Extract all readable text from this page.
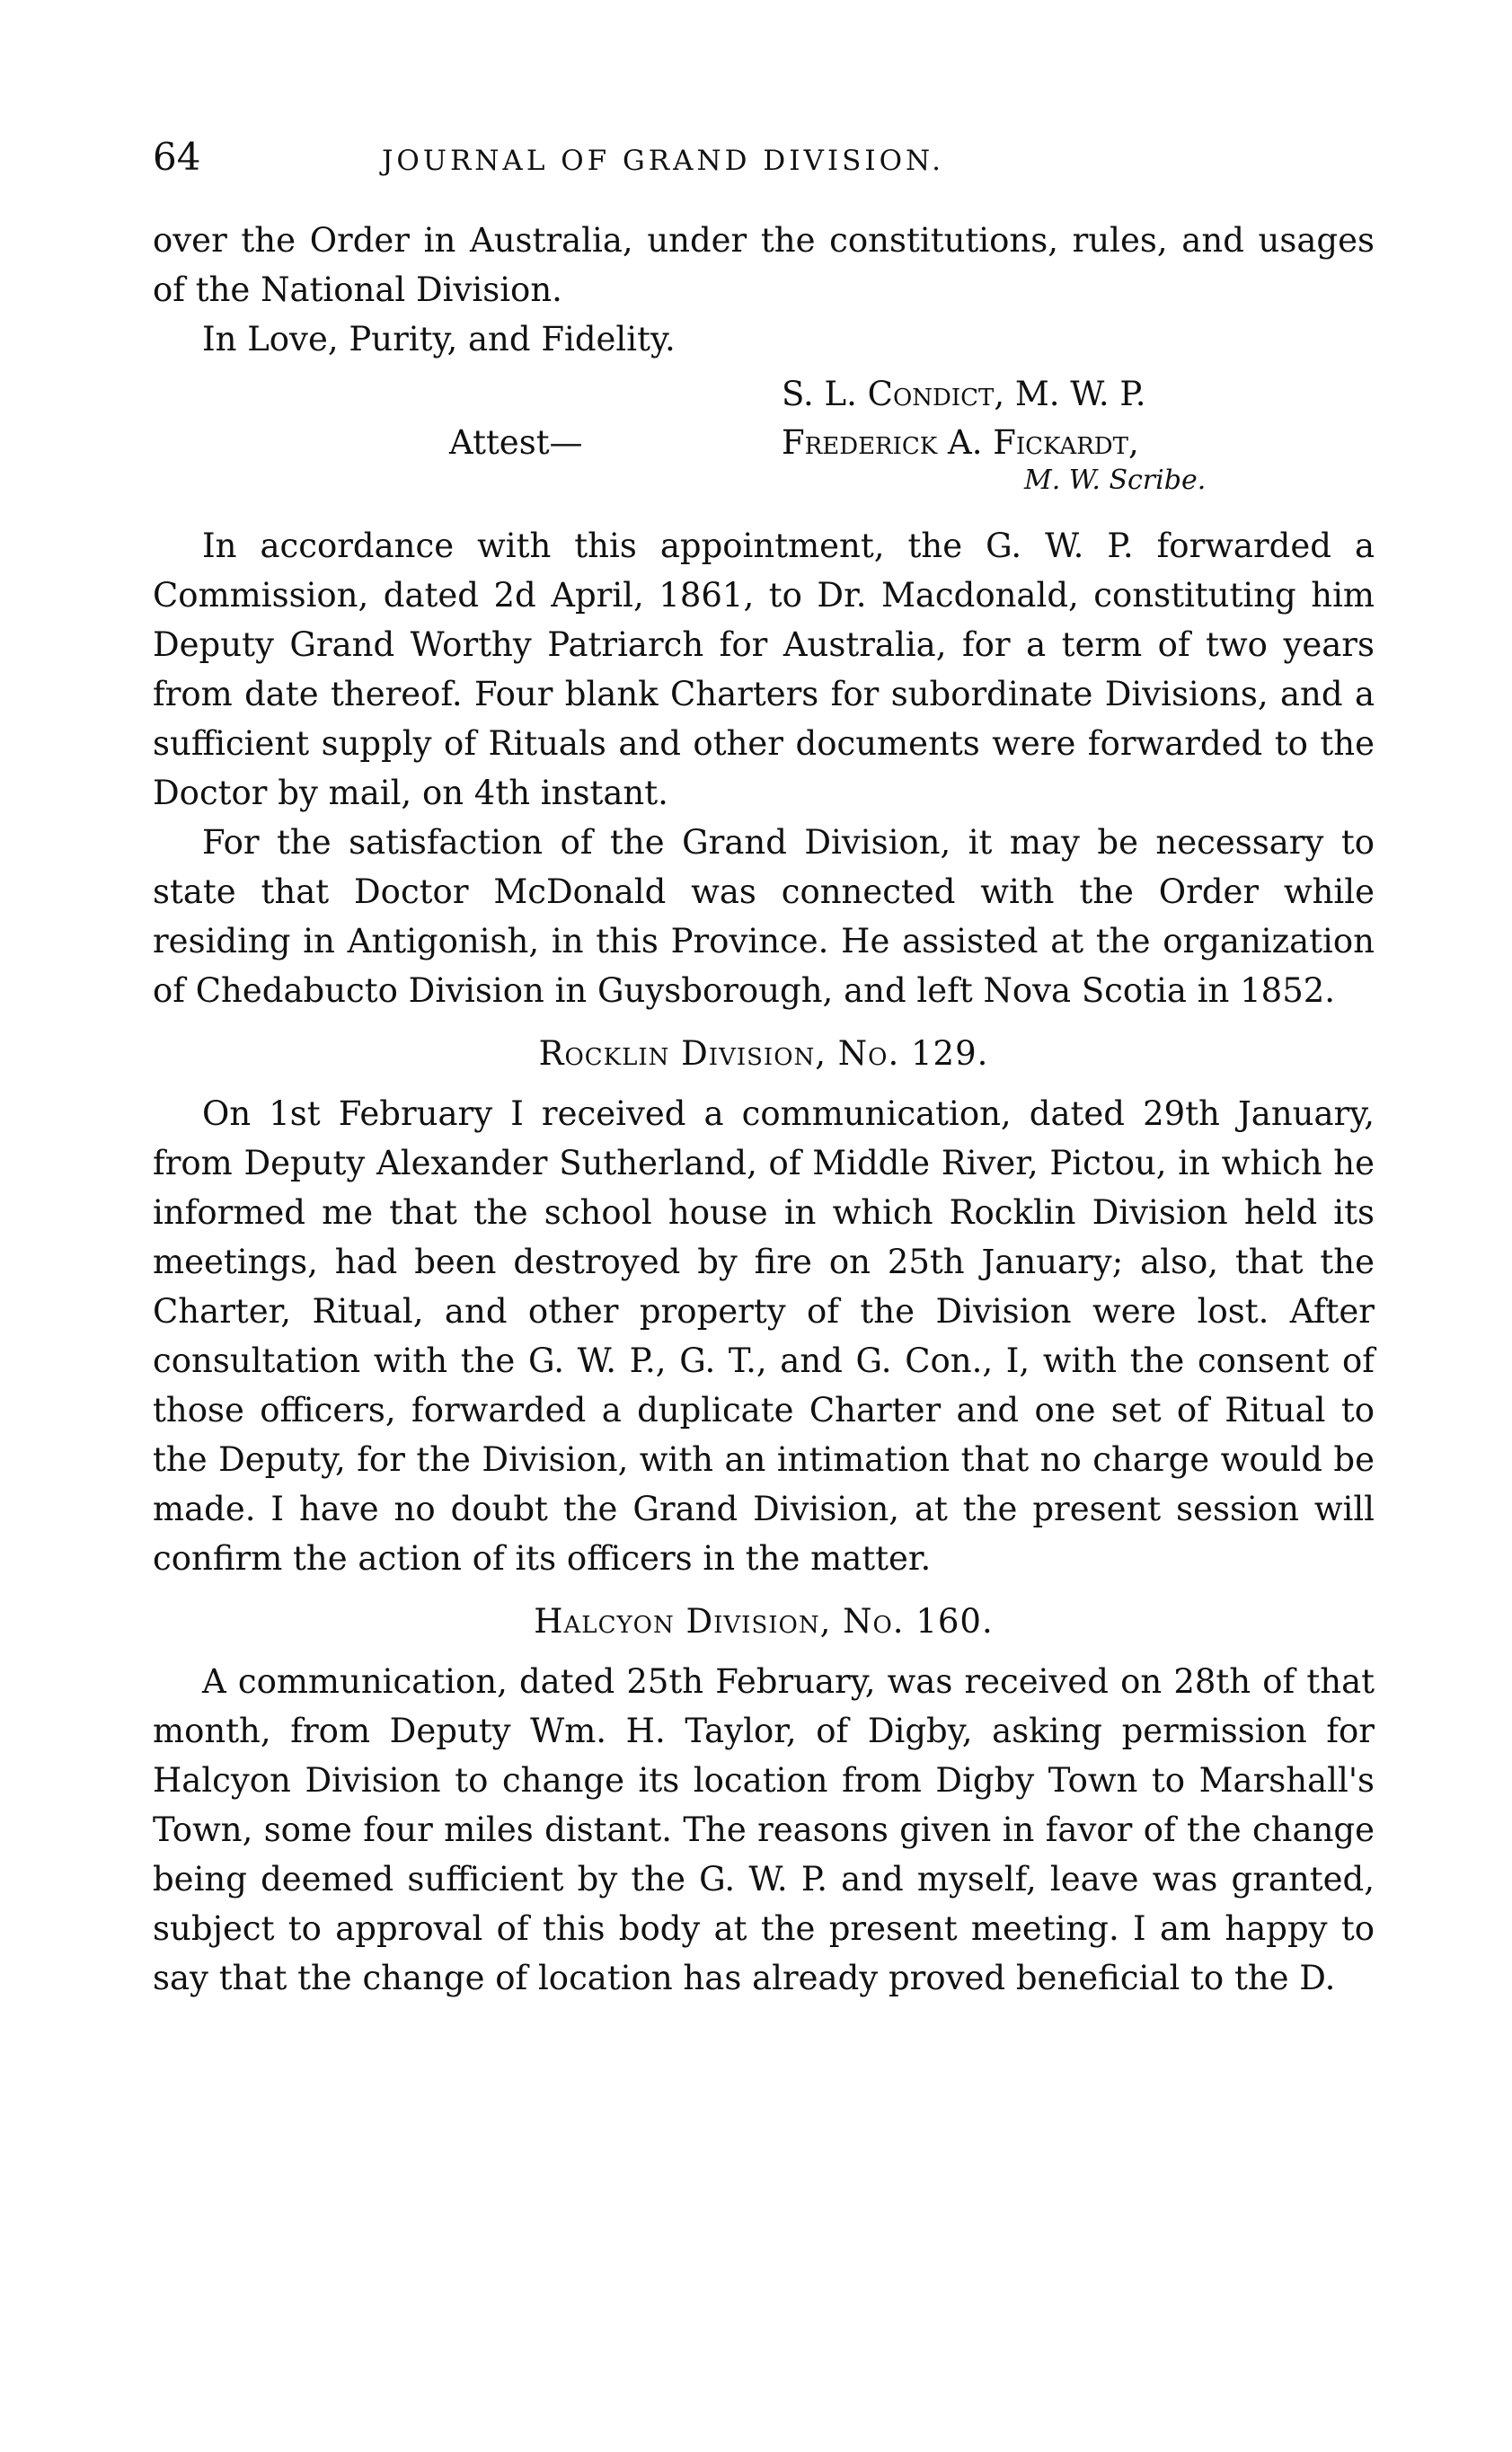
64	JOURNAL OF GRAND DIVISION.

over the Order in Australia, under the constitutions, rules, and usages of the National Division.

In Love, Purity, and Fidelity.

S. L. Condict, M. W. P.
Attest—	Frederick A. Fickardt,
M. W. Scribe.

In accordance with this appointment, the G. W. P. forwarded a Commission, dated 2d April, 1861, to Dr. Macdonald, constituting him Deputy Grand Worthy Patriarch for Australia, for a term of two years from date thereof. Four blank Charters for subordinate Divisions, and a sufficient supply of Rituals and other documents were forwarded to the Doctor by mail, on 4th instant.

For the satisfaction of the Grand Division, it may be necessary to state that Doctor McDonald was connected with the Order while residing in Antigonish, in this Province. He assisted at the organization of Chedabucto Division in Guysborough, and left Nova Scotia in 1852.

Rocklin Division, No. 129.

On 1st February I received a communication, dated 29th January, from Deputy Alexander Sutherland, of Middle River, Pictou, in which he informed me that the school house in which Rocklin Division held its meetings, had been destroyed by fire on 25th January; also, that the Charter, Ritual, and other property of the Division were lost. After consultation with the G. W. P., G. T., and G. Con., I, with the consent of those officers, forwarded a duplicate Charter and one set of Ritual to the Deputy, for the Division, with an intimation that no charge would be made. I have no doubt the Grand Division, at the present session will confirm the action of its officers in the matter.

Halcyon Division, No. 160.

A communication, dated 25th February, was received on 28th of that month, from Deputy Wm. H. Taylor, of Digby, asking permission for Halcyon Division to change its location from Digby Town to Marshall's Town, some four miles distant. The reasons given in favor of the change being deemed sufficient by the G. W. P. and myself, leave was granted, subject to approval of this body at the present meeting. I am happy to say that the change of location has already proved beneficial to the D.
